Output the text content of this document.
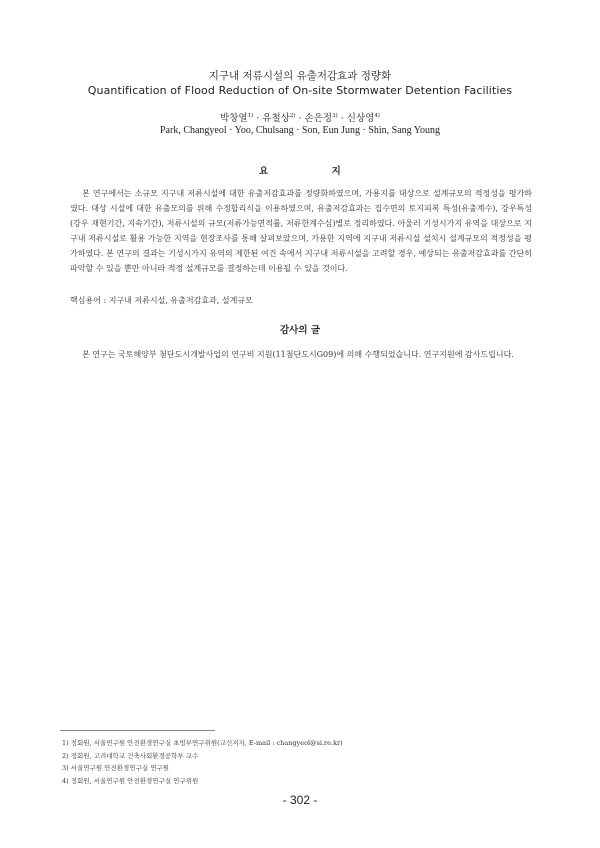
지구내 저류시설의 유출저감효과 정량화
Quantification of Flood Reduction of On-site Stormwater Detention Facilities
박창열$^{1)}$ · 유철상$^{2)}$ · 손은정$^{3)}$ · 신상영$^{4)}$
Park, Changyeol · Yoo, Chulsang · Son, Eun Jung · Shin, Sang Young
요 지
본 연구에서는 소규모 지구내 저류시설에 대한 유출저감효과를 정량화하였으며, 가용지를 대상으로 설계규모의 적정성을 평가하였다. 대상 시설에 대한 유출모의를 위해 수정합리식을 이용하였으며, 유출저감효과는 집수면의 토지피복 특성(유출계수), 강우특성(강우 재현기간, 지속기간), 저류시설의 규모(저류가능면적률, 저류한계수심)별로 정리하였다. 아울러 기성시가지 유역을 대상으로 지구내 저류시설로 활용 가능한 지역을 현장조사를 통해 살펴보았으며, 가용한 지역에 지구내 저류시설 설치시 설계규모의 적정성을 평가하였다. 본 연구의 결과는 기성시가지 유역의 제한된 여건 속에서 지구내 저류시설을 고려할 경우, 예상되는 유출저감효과를 간단히 파악할 수 있을 뿐만 아니라 적정 설계규모를 결정하는데 이용될 수 있을 것이다.
핵심용어 : 지구내 저류시설, 유출저감효과, 설계규모
감사의 글
본 연구는 국토해양부 첨단도시개발사업의 연구비 지원(11첨단도시G09)에 의해 수행되었습니다. 연구지원에 감사드립니다.
1) 정회원, 서울연구원 안전환경연구실 초빙부연구위원(교신저자, E-mail : changyeol@si.re.kr)
2) 정회원, 고려대학교 건축사회환경공학부 교수
3) 서울연구원 안전환경연구실 연구원
4) 정회원, 서울연구원 안전환경연구실 연구위원
- 302 -
